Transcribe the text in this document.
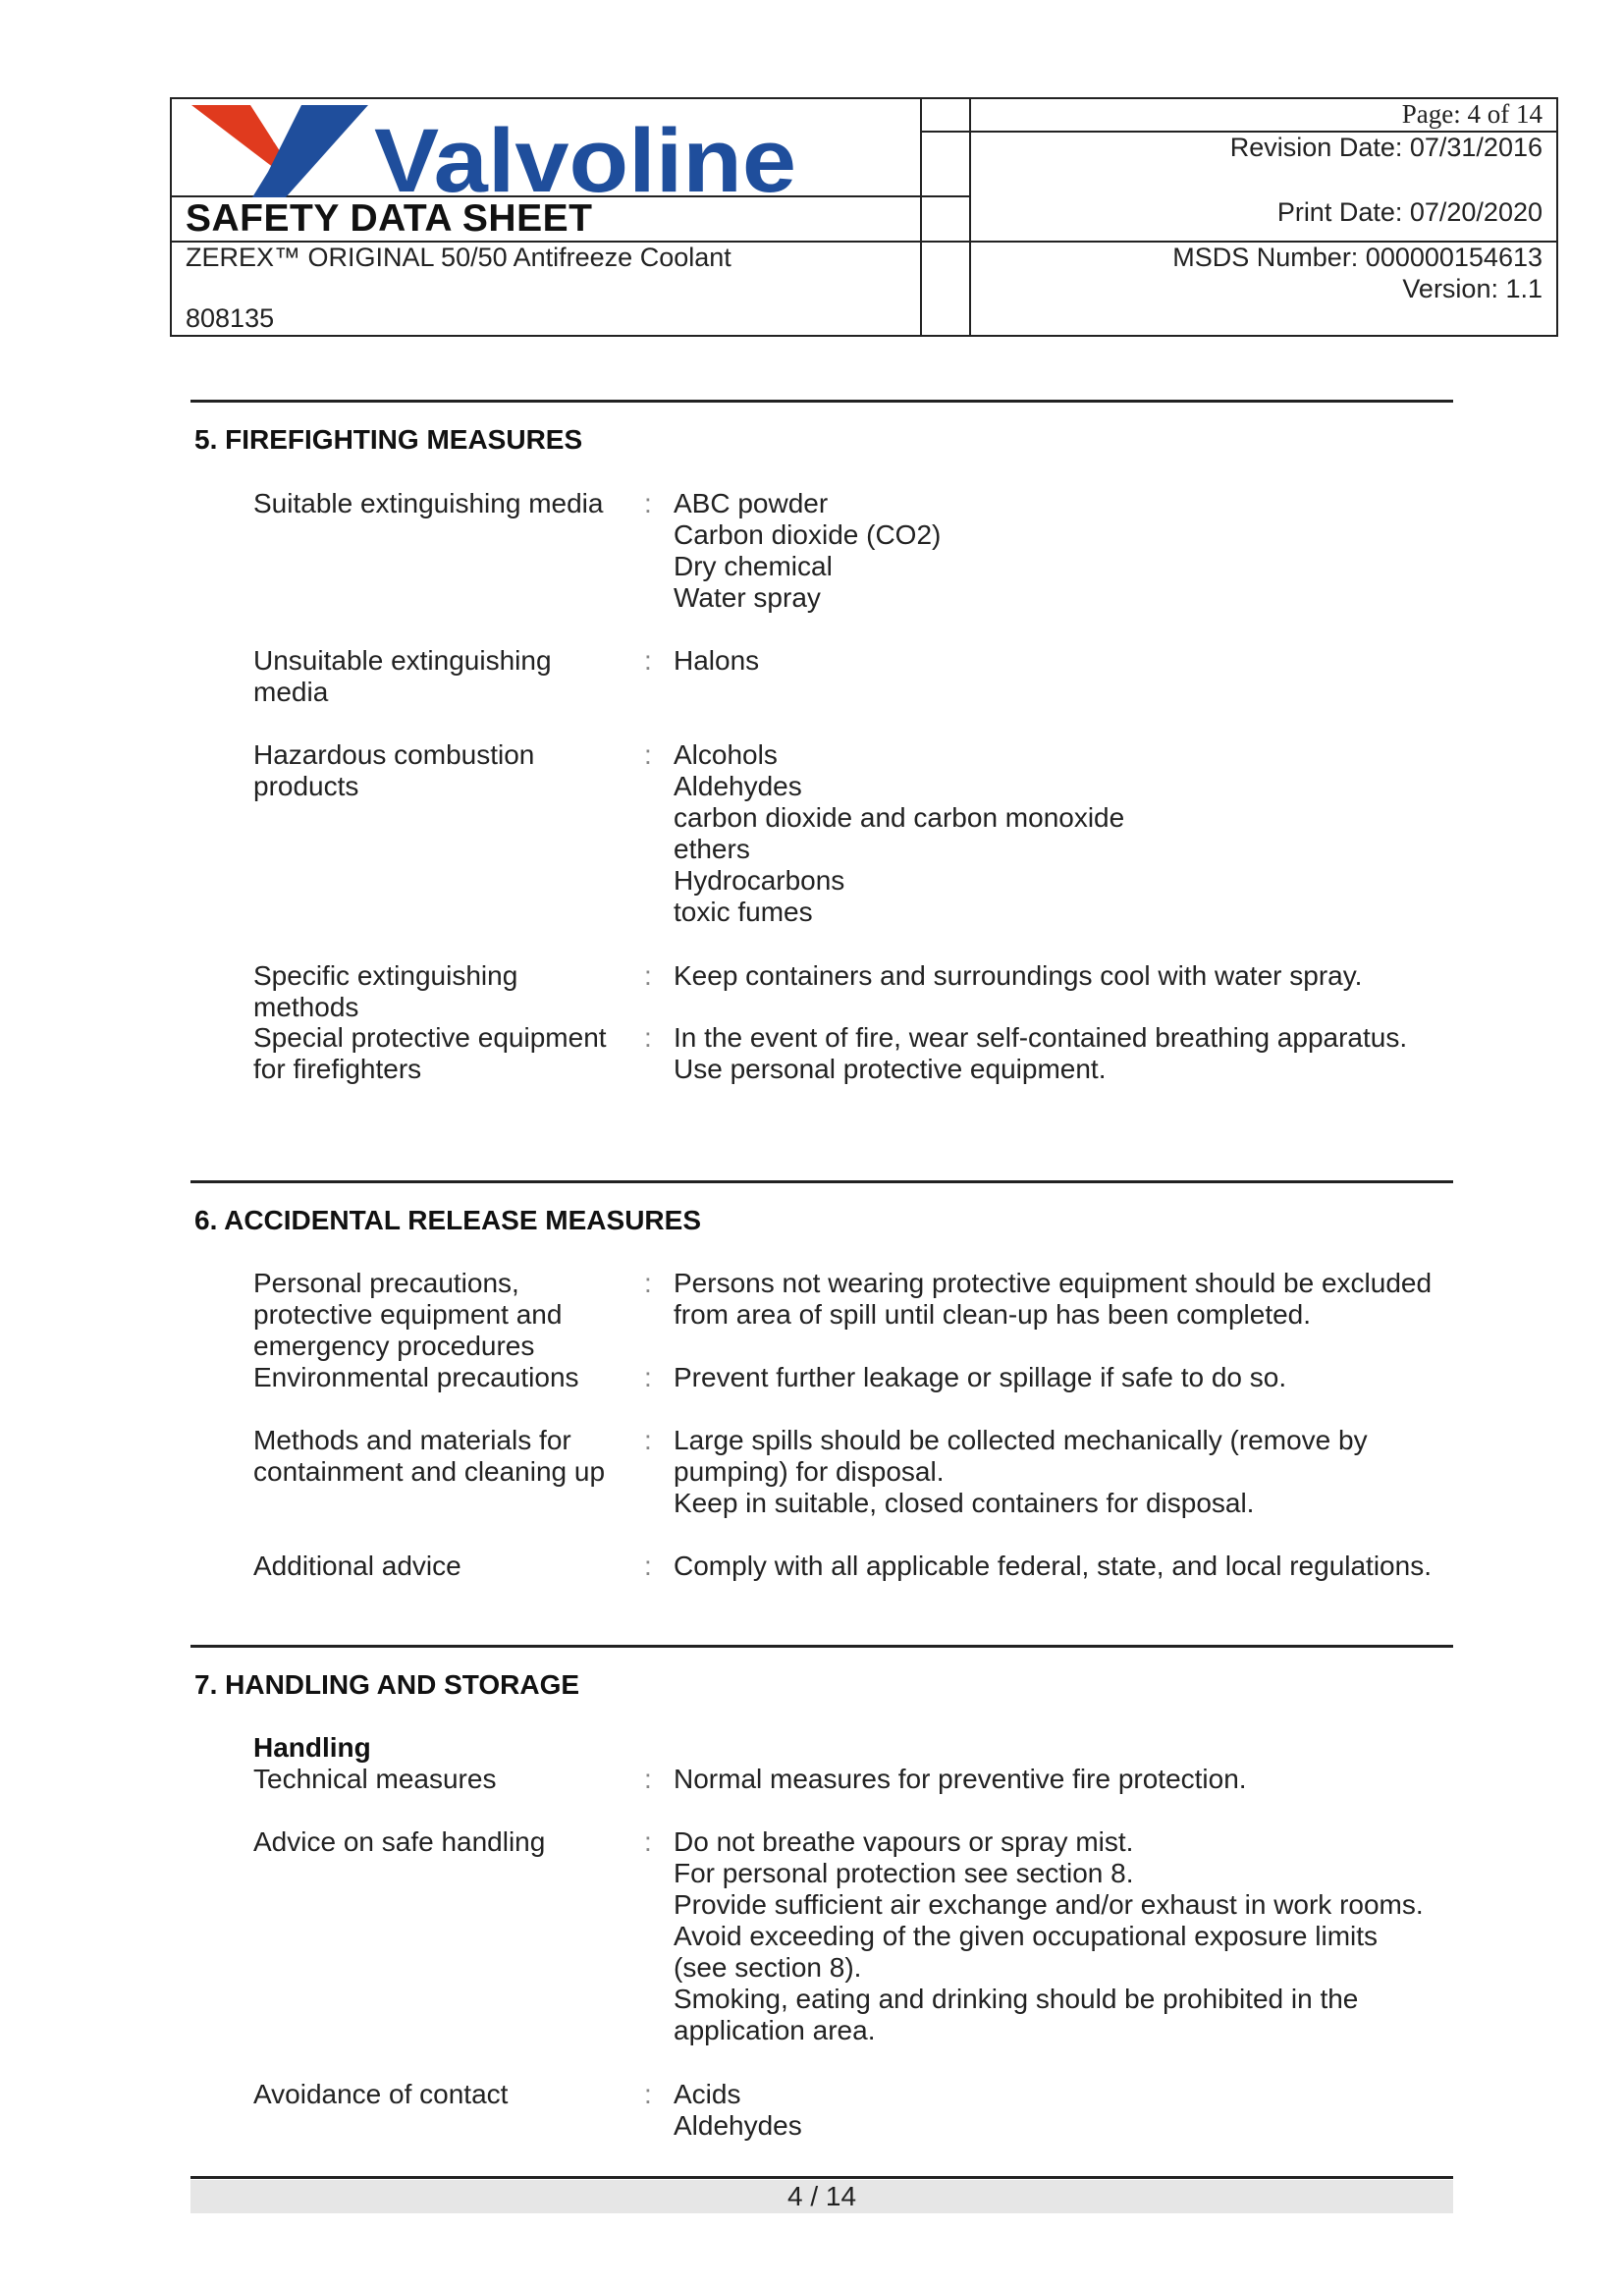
Valvoline
SAFETY DATA SHEET
ZEREX™ ORIGINAL 50/50 Antifreeze Coolant
808135
Page: 4 of 14
Revision Date: 07/31/2016
Print Date: 07/20/2020
MSDS Number: 000000154613
Version: 1.1
5. FIREFIGHTING MEASURES
Suitable extinguishing media	: ABC powder
Carbon dioxide (CO2)
Dry chemical
Water spray
Unsuitable extinguishing
media
: Halons
Hazardous combustion
products
: Alcohols
Aldehydes
carbon dioxide and carbon monoxide
ethers
Hydrocarbons
toxic fumes
Specific extinguishing
methods
: Keep containers and surroundings cool with water spray.
Special protective equipment
for firefighters
: In the event of fire, wear self-contained breathing apparatus.
Use personal protective equipment.
6. ACCIDENTAL RELEASE MEASURES
Personal precautions,
protective equipment and
emergency procedures
: Persons not wearing protective equipment should be excluded
from area of spill until clean-up has been completed.
Environmental precautions	: Prevent further leakage or spillage if safe to do so.
Methods and materials for
containment and cleaning up
: Large spills should be collected mechanically (remove by
pumping) for disposal.
Keep in suitable, closed containers for disposal.
Additional advice	: Comply with all applicable federal, state, and local regulations.
7. HANDLING AND STORAGE
Handling
Technical measures	: Normal measures for preventive fire protection.
Advice on safe handling	: Do not breathe vapours or spray mist.
For personal protection see section 8.
Provide sufficient air exchange and/or exhaust in work rooms.
Avoid exceeding of the given occupational exposure limits
(see section 8).
Smoking, eating and drinking should be prohibited in the
application area.
Avoidance of contact	: Acids
Aldehydes
4 / 14
